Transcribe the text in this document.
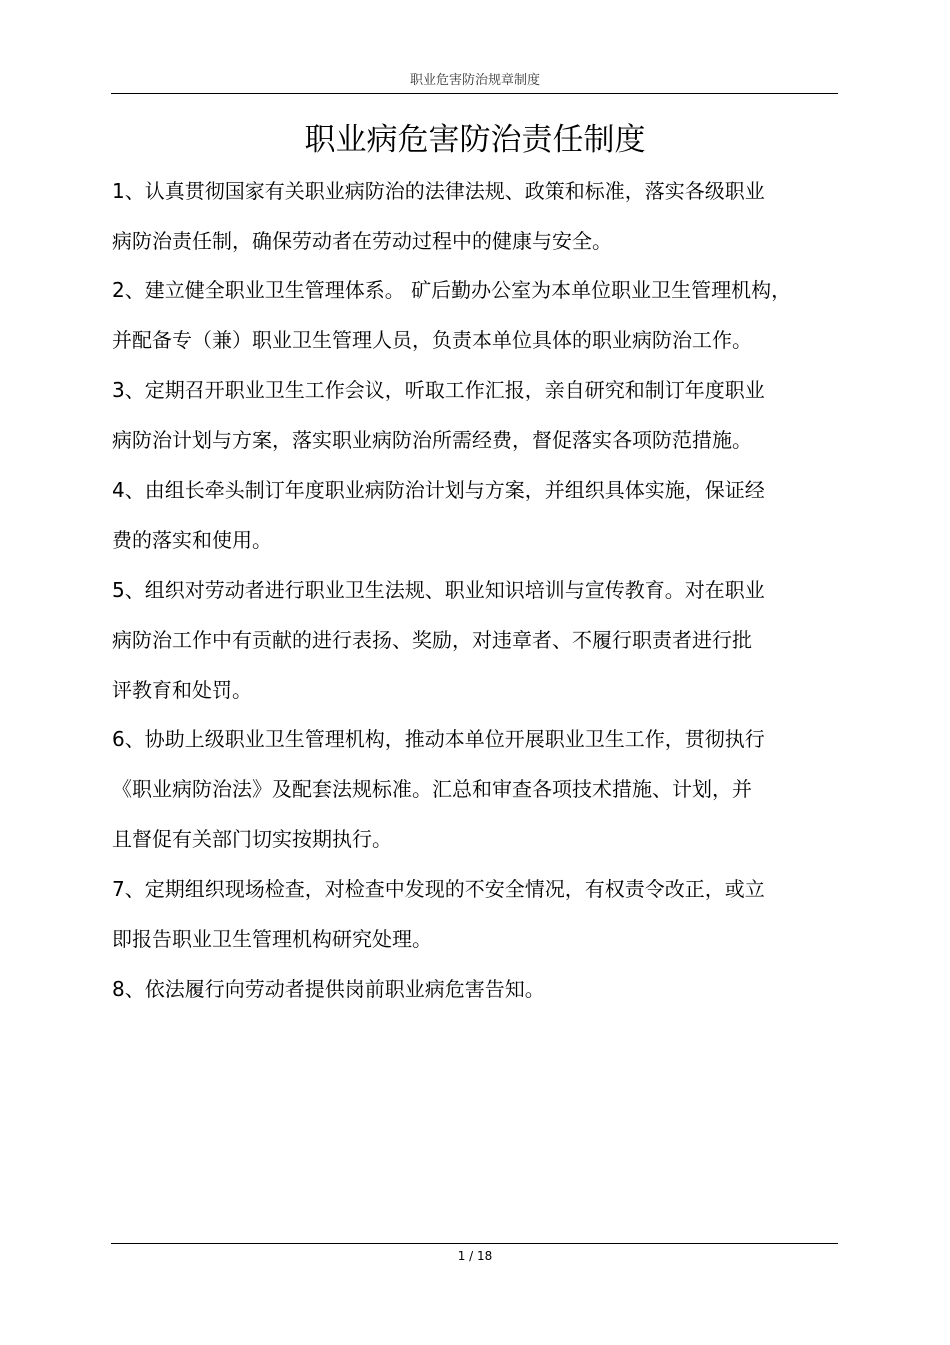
职业危害防治规章制度
职业病危害防治责任制度
1、认真贯彻国家有关职业病防治的法律法规、政策和标准，落实各级职业
病防治责任制，确保劳动者在劳动过程中的健康与安全。
2、建立健全职业卫生管理体系。 矿后勤办公室为本单位职业卫生管理机构，
并配备专（兼）职业卫生管理人员，负责本单位具体的职业病防治工作。
3、定期召开职业卫生工作会议，听取工作汇报，亲自研究和制订年度职业
病防治计划与方案，落实职业病防治所需经费，督促落实各项防范措施。
4、由组长牵头制订年度职业病防治计划与方案，并组织具体实施，保证经
费的落实和使用。
5、组织对劳动者进行职业卫生法规、职业知识培训与宣传教育。对在职业
病防治工作中有贡献的进行表扬、奖励，对违章者、不履行职责者进行批
评教育和处罚。
6、协助上级职业卫生管理机构，推动本单位开展职业卫生工作，贯彻执行
《职业病防治法》及配套法规标准。汇总和审查各项技术措施、计划，并
且督促有关部门切实按期执行。
7、定期组织现场检查，对检查中发现的不安全情况，有权责令改正，或立
即报告职业卫生管理机构研究处理。
8、依法履行向劳动者提供岗前职业病危害告知。
1 / 18
